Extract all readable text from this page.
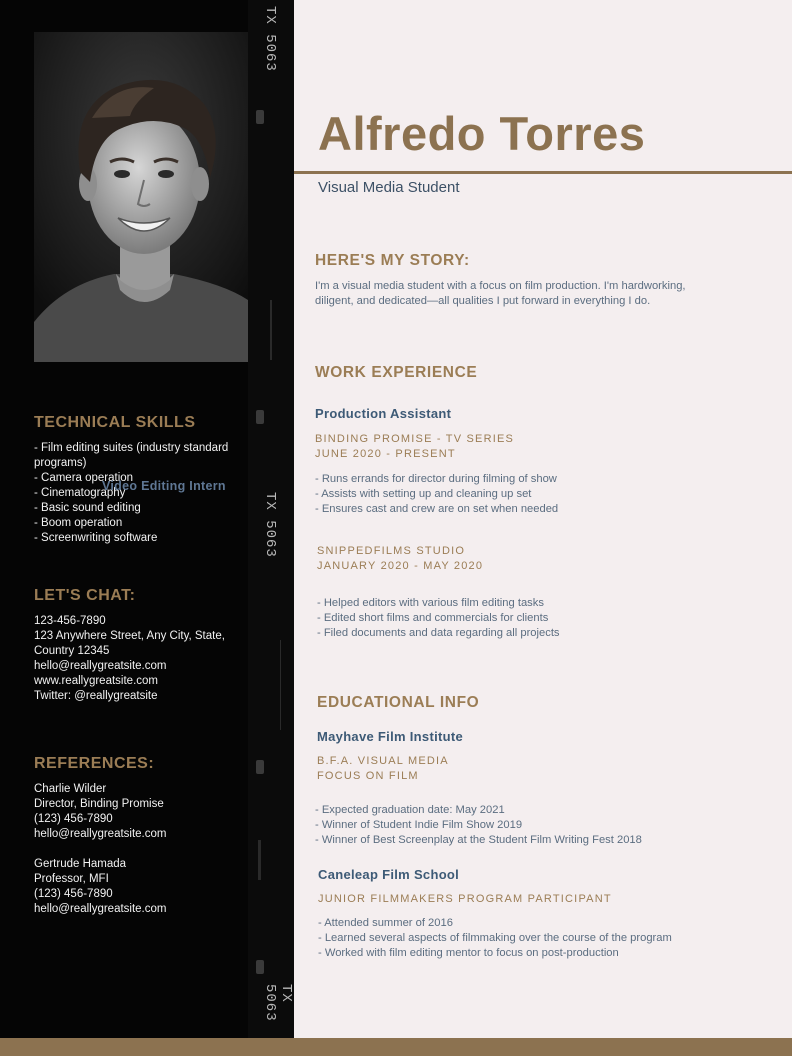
TX 5063
TX 5063
TX 5063
TECHNICAL SKILLS
- Film editing suites (industry standard
programs)
- Camera operation
- Cinematography
- Basic sound editing
- Boom operation
- Screenwriting software
Video Editing Intern
LET'S CHAT:
123-456-7890
123 Anywhere Street, Any City, State,
Country 12345
hello@reallygreatsite.com
www.reallygreatsite.com
Twitter: @reallygreatsite
REFERENCES:
Charlie Wilder
Director, Binding Promise
(123) 456-7890
hello@reallygreatsite.com
Gertrude Hamada
Professor, MFI
(123) 456-7890
hello@reallygreatsite.com
Alfredo Torres
Visual Media Student
HERE'S MY STORY:
I'm a visual media student with a focus on film production. I'm hardworking,
diligent, and dedicated—all qualities I put forward in everything I do.
WORK EXPERIENCE
Production Assistant
BINDING PROMISE - TV SERIES
JUNE 2020 - PRESENT
- Runs errands for director during filming of show
- Assists with setting up and cleaning up set
- Ensures cast and crew are on set when needed
SNIPPEDFILMS STUDIO
JANUARY 2020 - MAY 2020
- Helped editors with various film editing tasks
- Edited short films and commercials for clients
- Filed documents and data regarding all projects
EDUCATIONAL INFO
Mayhave Film Institute
B.F.A. VISUAL MEDIA
FOCUS ON FILM
- Expected graduation date: May 2021
- Winner of Student Indie Film Show 2019
- Winner of Best Screenplay at the Student Film Writing Fest 2018
Caneleap Film School
JUNIOR FILMMAKERS PROGRAM PARTICIPANT
- Attended summer of 2016
- Learned several aspects of filmmaking over the course of the program
- Worked with film editing mentor to focus on post-production
